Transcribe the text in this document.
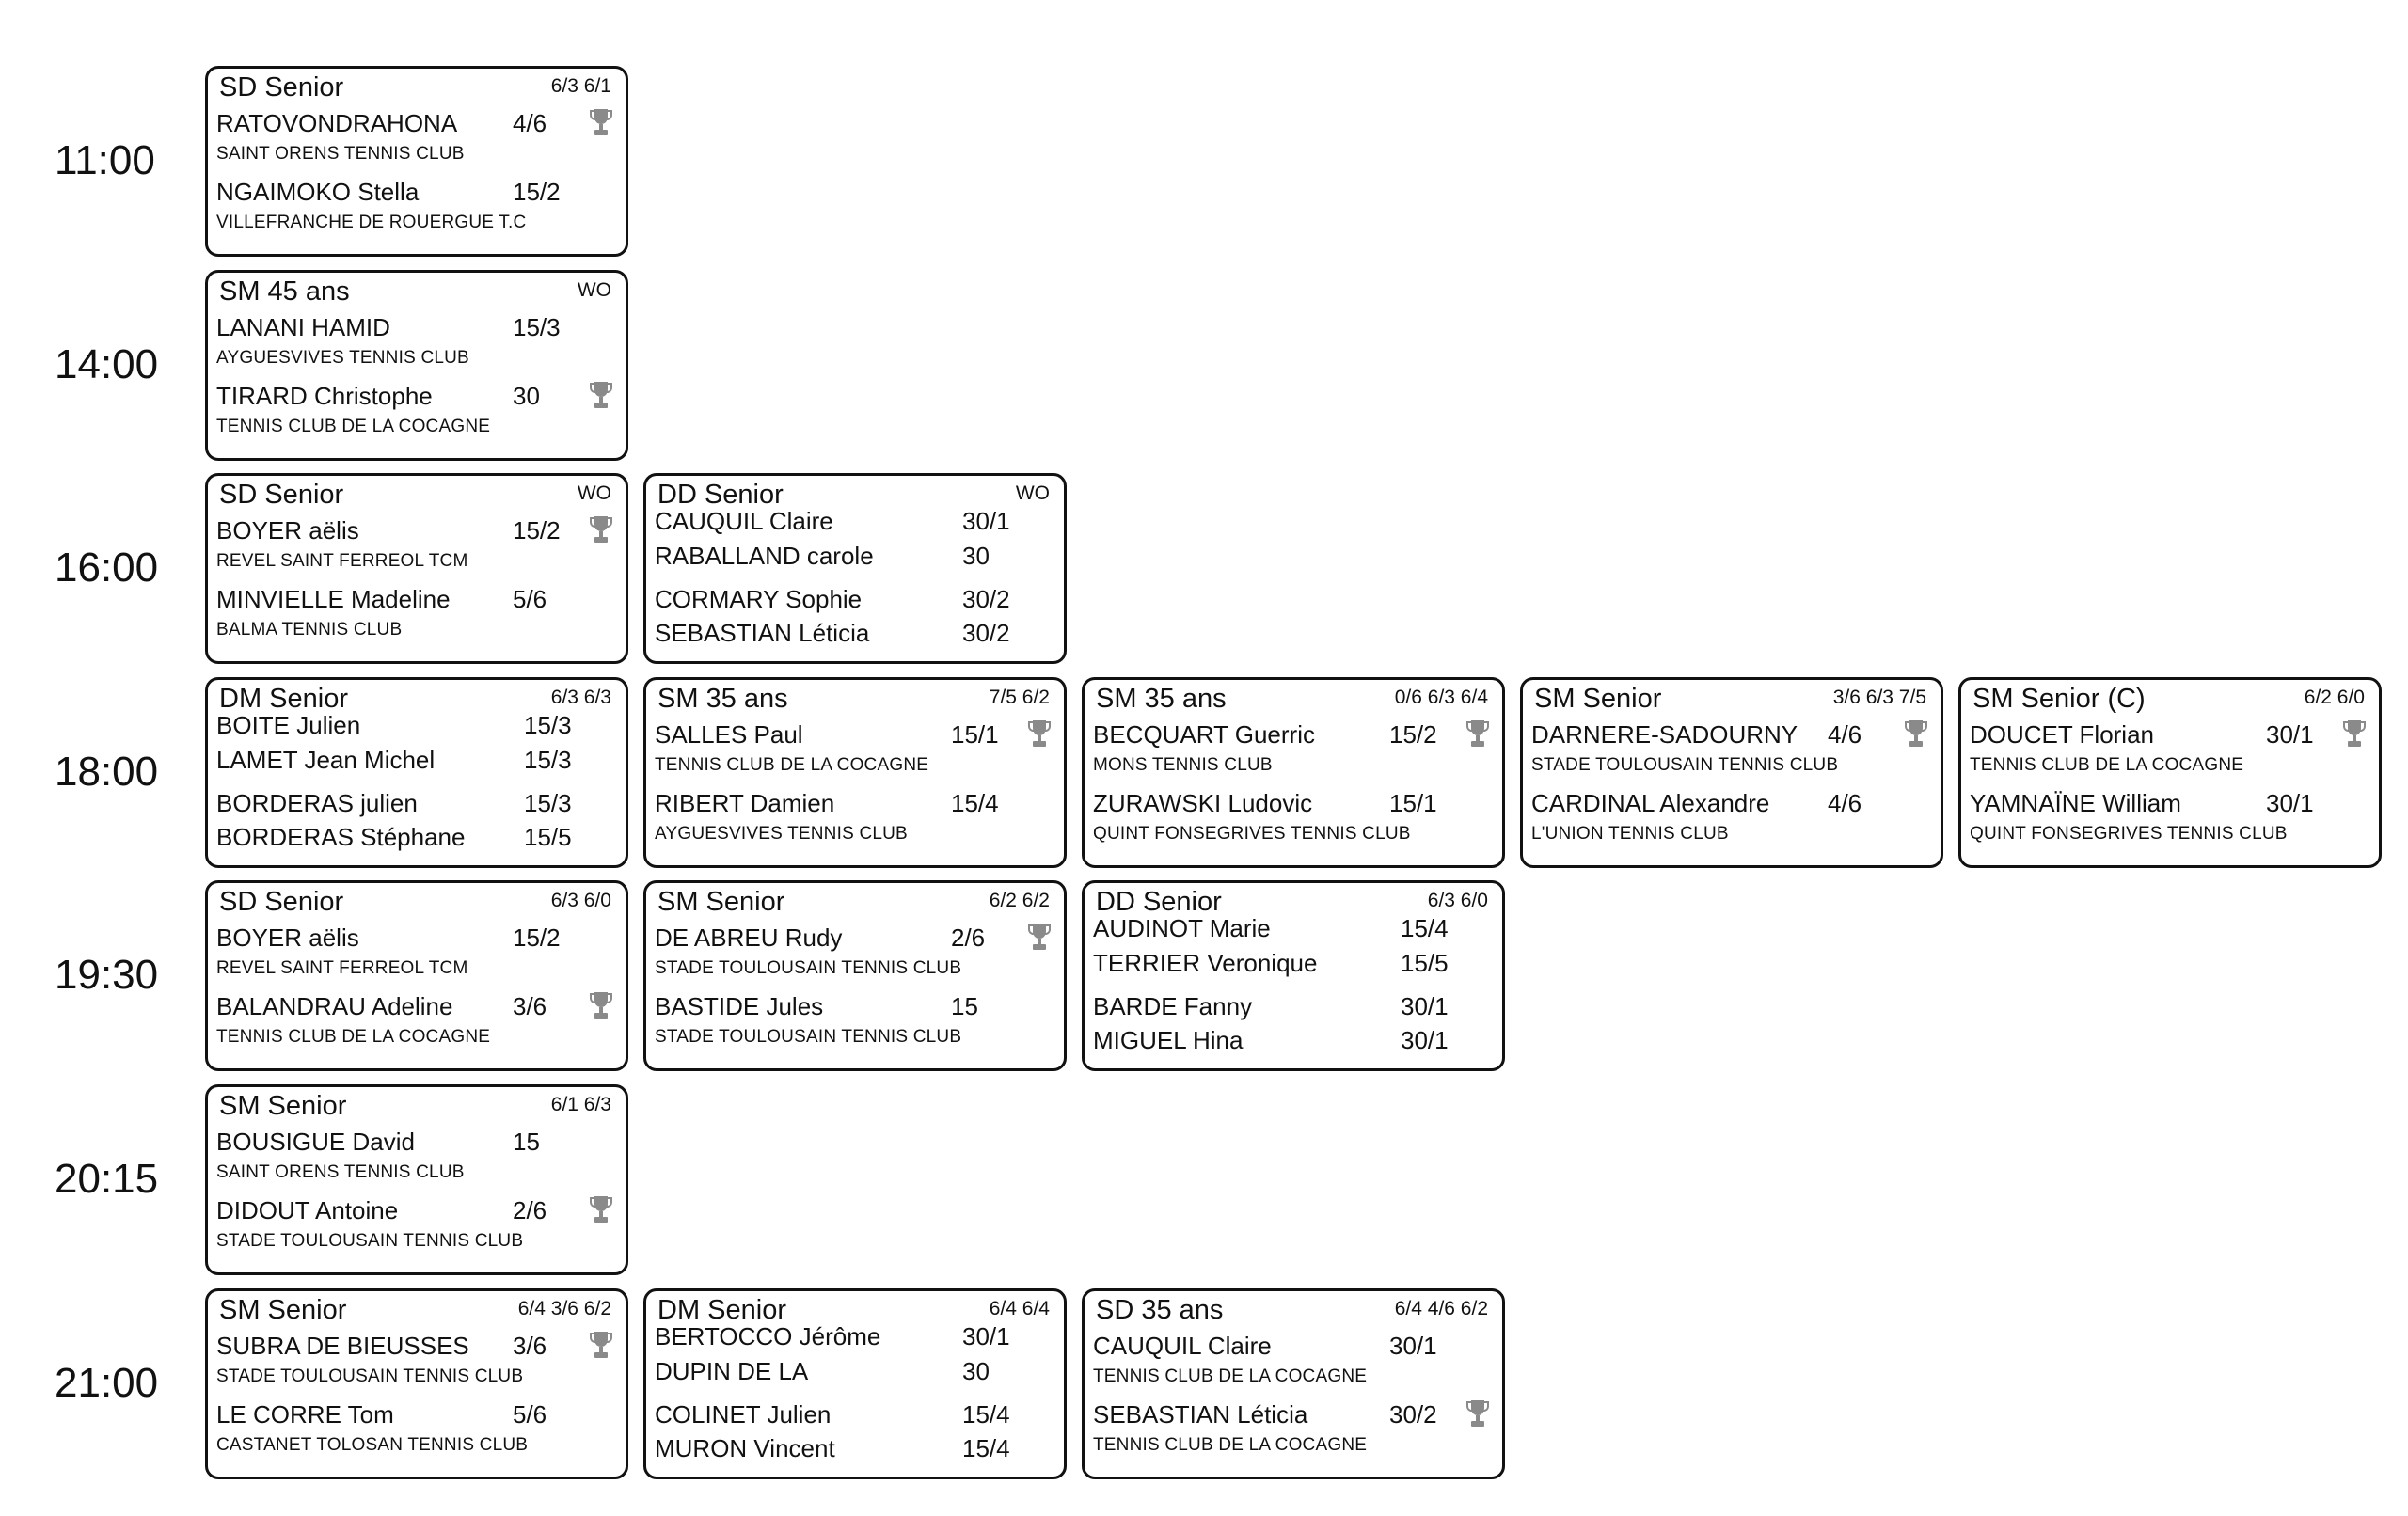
11:00
SD Senior	6/3 6/1
RATOVONDRAHONA 4/6
SAINT ORENS TENNIS CLUB
NGAIMOKO Stella	15/2
VILLEFRANCHE DE ROUERGUE T.C
14:00
SM 45 ans	WO
LANANI HAMID	15/3
AYGUESVIVES TENNIS CLUB
TIRARD Christophe	30
TENNIS CLUB DE LA COCAGNE
16:00
SD Senior	WO
BOYER aëlis	15/2
REVEL SAINT FERREOL TCM
MINVIELLE Madeline	5/6
BALMA TENNIS CLUB
DD Senior	WO
CAUQUIL Claire	30/1
RABALLAND carole	30
CORMARY Sophie	30/2
SEBASTIAN Léticia	30/2
18:00
DM Senior	6/3 6/3
BOITE Julien	15/3
LAMET Jean Michel	15/3
BORDERAS julien	15/3
BORDERAS Stéphane 15/5
SM 35 ans	7/5 6/2
SALLES Paul	15/1
TENNIS CLUB DE LA COCAGNE
RIBERT Damien	15/4
AYGUESVIVES TENNIS CLUB
SM 35 ans	0/6 6/3 6/4
BECQUART Guerric	15/2
MONS TENNIS CLUB
ZURAWSKI Ludovic	15/1
QUINT FONSEGRIVES TENNIS CLUB
SM Senior	3/6 6/3 7/5
DARNERE-SADOURNY 4/6
STADE TOULOUSAIN TENNIS CLUB
CARDINAL Alexandre 4/6
L'UNION TENNIS CLUB
SM Senior (C)	6/2 6/0
DOUCET Florian	30/1
TENNIS CLUB DE LA COCAGNE
YAMNAÏNE William	30/1
QUINT FONSEGRIVES TENNIS CLUB
19:30
SD Senior	6/3 6/0
BOYER aëlis	15/2
REVEL SAINT FERREOL TCM
BALANDRAU Adeline 3/6
TENNIS CLUB DE LA COCAGNE
SM Senior	6/2 6/2
DE ABREU Rudy	2/6
STADE TOULOUSAIN TENNIS CLUB
BASTIDE Jules	15
STADE TOULOUSAIN TENNIS CLUB
DD Senior	6/3 6/0
AUDINOT Marie	15/4
TERRIER Veronique	15/5
BARDE Fanny	30/1
MIGUEL Hina	30/1
20:15
SM Senior	6/1 6/3
BOUSIGUE David	15
SAINT ORENS TENNIS CLUB
DIDOUT Antoine	2/6
STADE TOULOUSAIN TENNIS CLUB
21:00
SM Senior	6/4 3/6 6/2
SUBRA DE BIEUSSES 3/6
STADE TOULOUSAIN TENNIS CLUB
LE CORRE Tom	5/6
CASTANET TOLOSAN TENNIS CLUB
DM Senior	6/4 6/4
BERTOCCO Jérôme	30/1
DUPIN DE LA	30
COLINET Julien	15/4
MURON Vincent	15/4
SD 35 ans	6/4 4/6 6/2
CAUQUIL Claire	30/1
TENNIS CLUB DE LA COCAGNE
SEBASTIAN Léticia	30/2
TENNIS CLUB DE LA COCAGNE
